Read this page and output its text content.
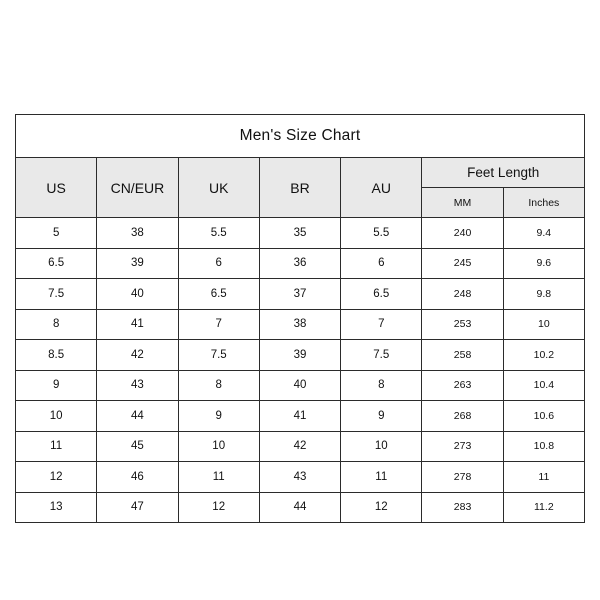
Men's Size Chart						
US	CN/EUR	UK	BR	AU	Feet Length	
					MM	Inches
5	38	5.5	35	5.5	240	9.4
6.5	39	6	36	6	245	9.6
7.5	40	6.5	37	6.5	248	9.8
8	41	7	38	7	253	10
8.5	42	7.5	39	7.5	258	10.2
9	43	8	40	8	263	10.4
10	44	9	41	9	268	10.6
11	45	10	42	10	273	10.8
12	46	11	43	11	278	11
13	47	12	44	12	283	11.2
